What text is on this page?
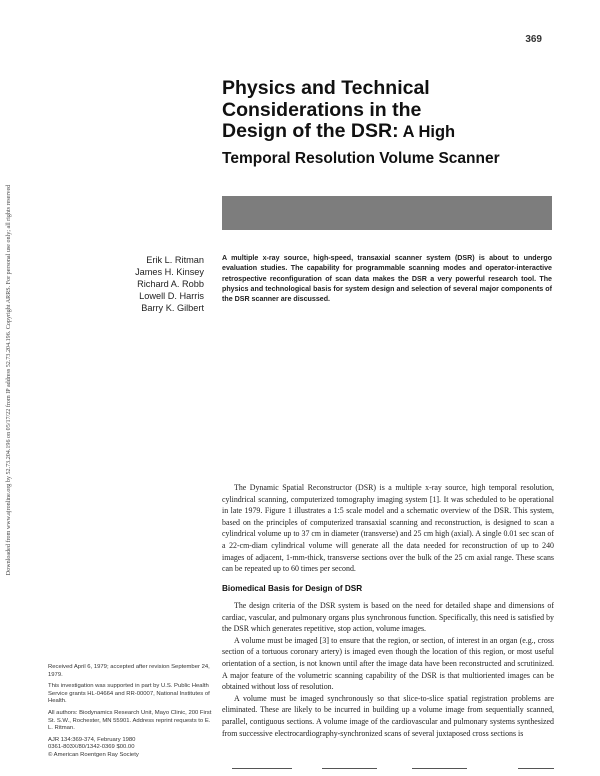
Downloaded from www.ajronline.org by 52.73.204.196 on 05/17/22 from IP address 52.73.204.196. Copyright ARRS. For personal use only; all rights reserved
369
Physics and Technical
Considerations in the
Design of the DSR: A High
Temporal Resolution Volume Scanner
Erik L. Ritman
James H. Kinsey
Richard A. Robb
Lowell D. Harris
Barry K. Gilbert

A multiple x-ray source, high-speed, transaxial scanner system (DSR) is about to undergo evaluation studies. The capability for programmable scanning modes and operator-interactive retrospective reconfiguration of scan data makes the DSR a very powerful research tool. The physics and technological basis for system design and selection of several major components of the DSR scanner are discussed.

The Dynamic Spatial Reconstructor (DSR) is a multiple x-ray source, high temporal resolution, cylindrical scanning, computerized tomography imaging system [1]. It was scheduled to be operational in late 1979. Figure 1 illustrates a 1:5 scale model and a schematic overview of the DSR. This system, based on the principles of computerized transaxial scanning and reconstruction, is designed to scan a cylindrical volume up to 37 cm in diameter (transverse) and 25 cm high (axial). A single 0.01 sec scan of a 22-cm-diam cylindrical volume will generate all the data needed for reconstruction of up to 240 images of adjacent, 1-mm-thick, transverse sections over the bulk of the 25 cm axial range. These scans can be repeated up to 60 times per second.

Biomedical Basis for Design of DSR

The design criteria of the DSR system is based on the need for detailed shape and dimensions of cardiac, vascular, and pulmonary organs plus synchronous function. Specifically, this need is satisfied by the DSR which generates repetitive, stop action, volume images.

A volume must be imaged [3] to ensure that the region, or section, of interest in an organ (e.g., cross section of a tortuous coronary artery) is imaged even though the location of this region, or most useful orientation of a section, is not known until after the image data have been reconstructed and scrutinized. A major feature of the volumetric scanning capability of the DSR is that multioriented images can be obtained without loss of resolution.

A volume must be imaged synchronously so that slice-to-slice spatial registration problems are eliminated. These are likely to be incurred in building up a volume image from sequentially scanned, parallel, contiguous sections. A volume image of the cardiovascular and pulmonary systems synthesized from successive electrocardiography-synchronized scans of several juxtaposed cross sections is

Received April 6, 1979; accepted after revision September 24, 1979.

This investigation was supported in part by U.S. Public Health Service grants HL-04664 and RR-00007, National Institutes of Health.

All authors: Biodynamics Research Unit, Mayo Clinic, 200 First St. S.W., Rochester, MN 55901. Address reprint requests to E. L. Ritman.

AJR 134:369-374, February 1980
0361-803X/80/1342-0369 $00.00
© American Roentgen Ray Society
